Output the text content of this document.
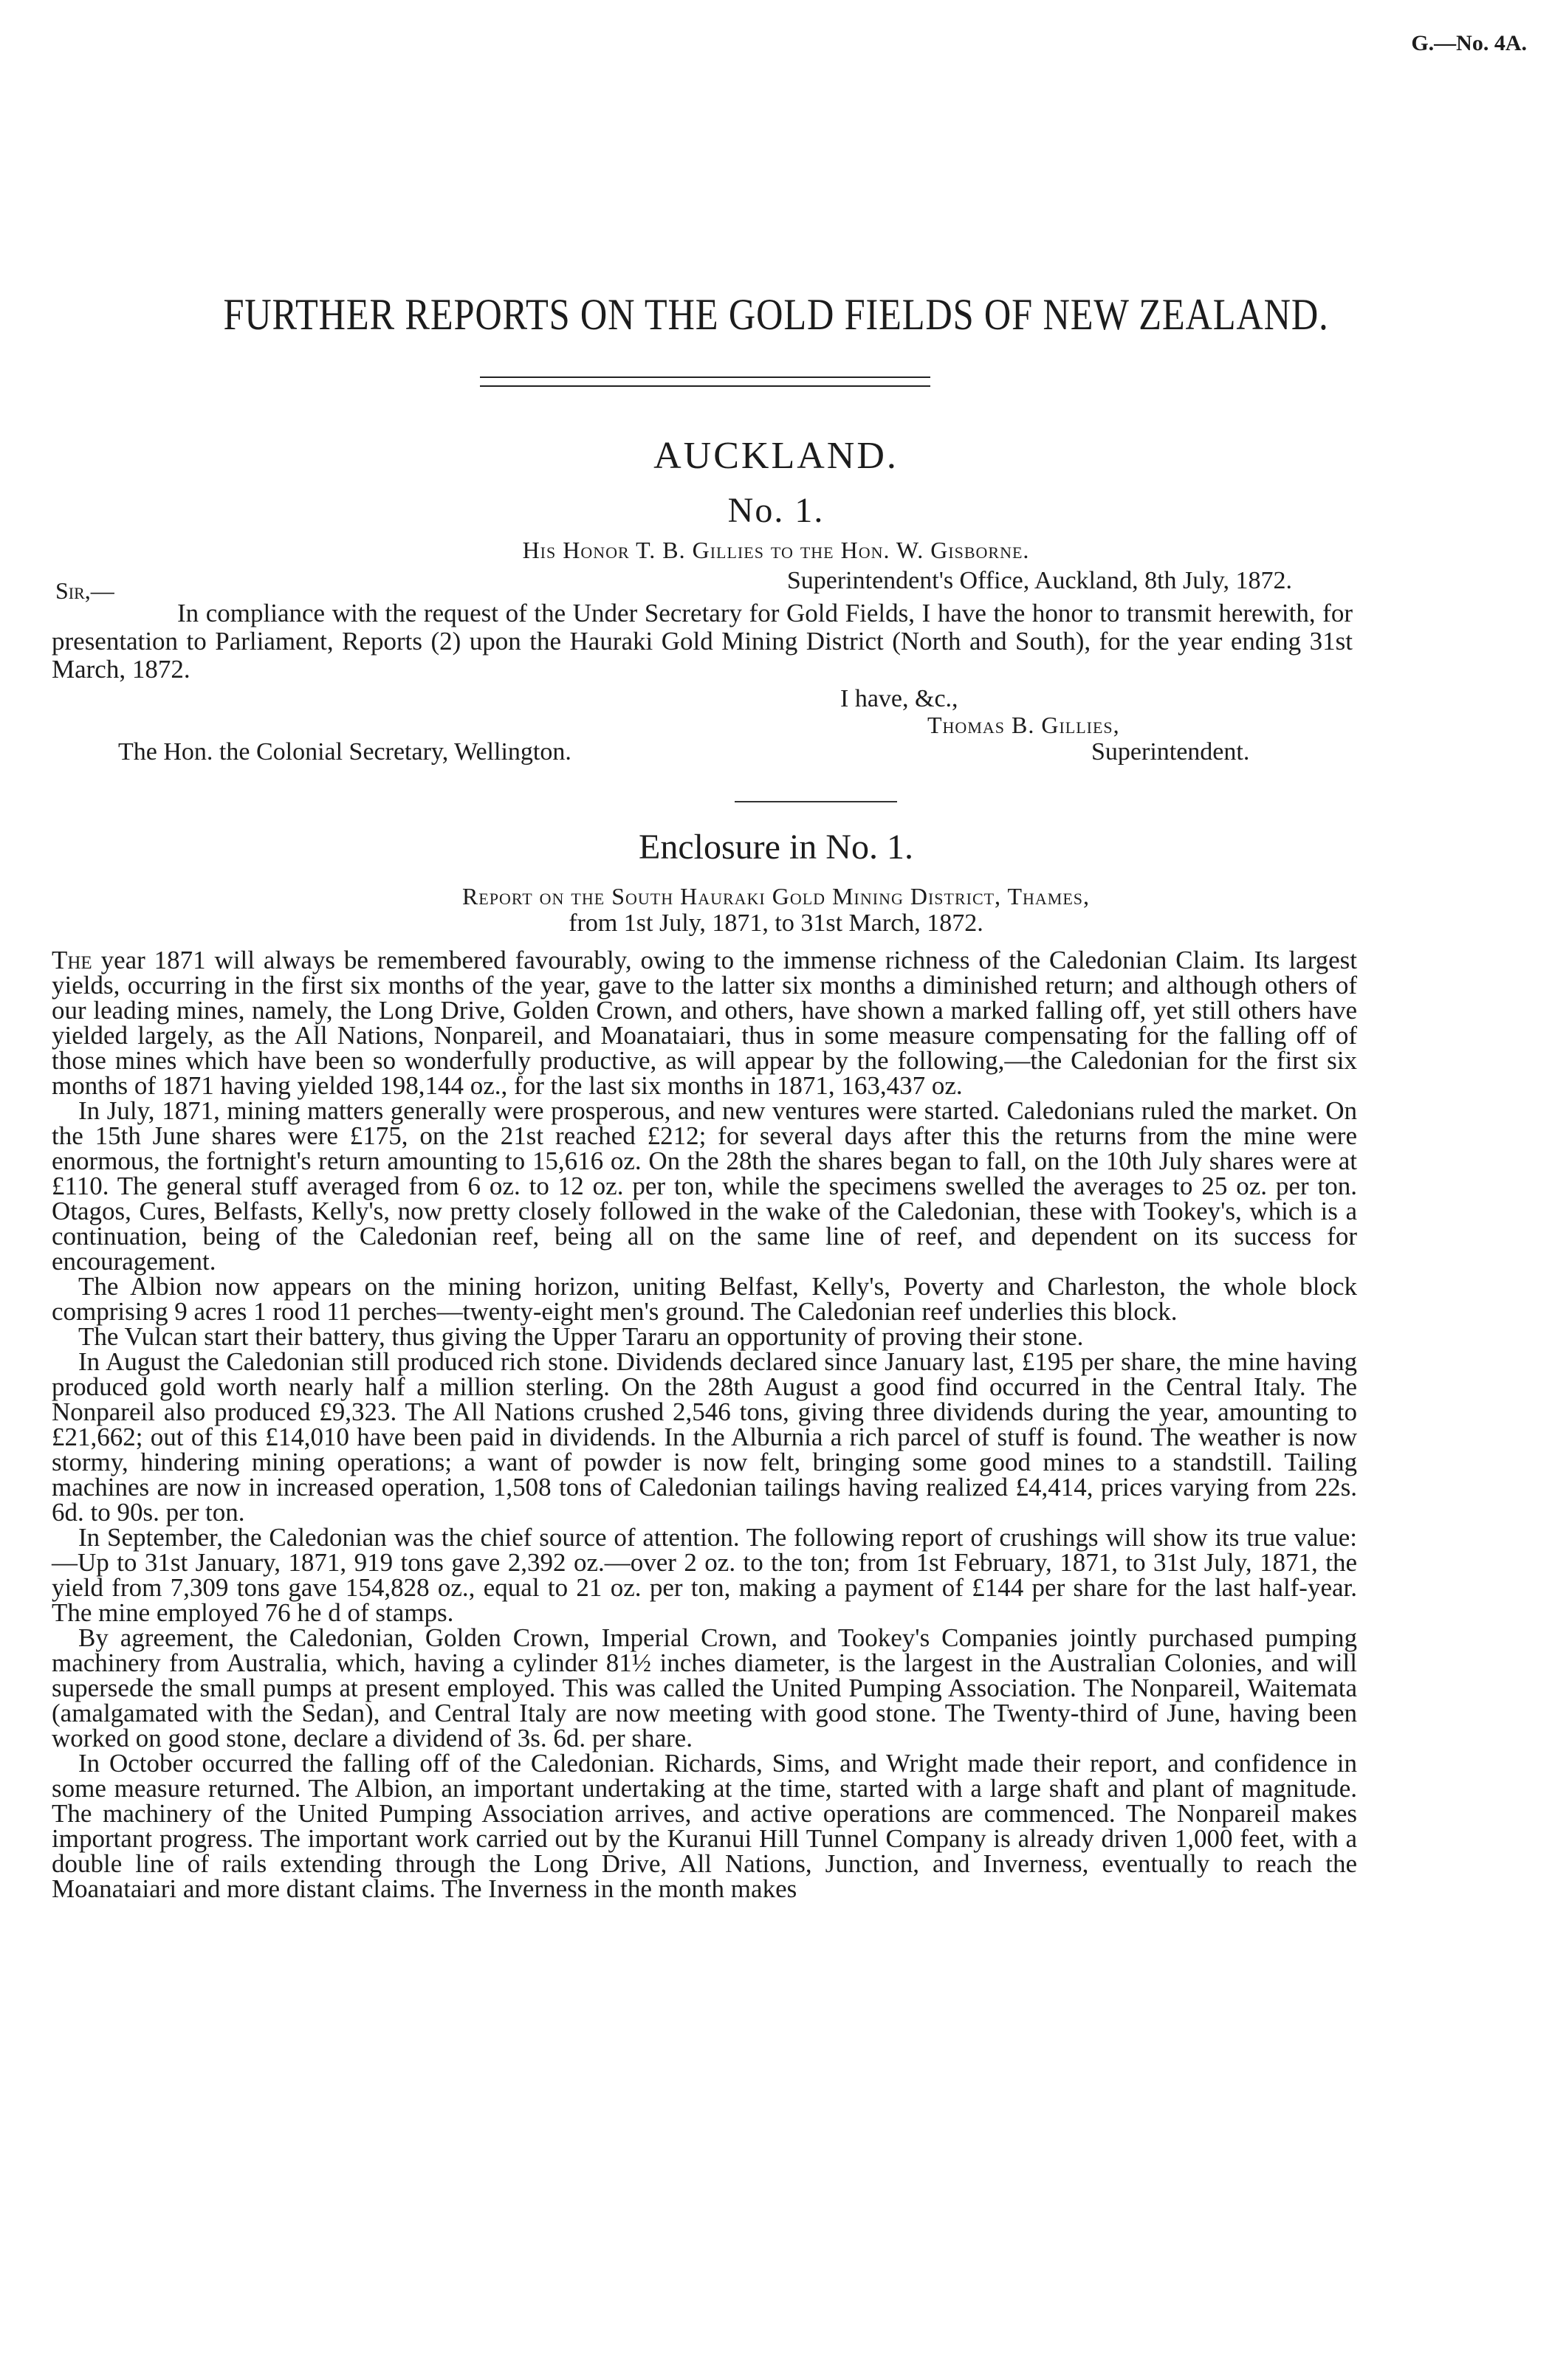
G.—No. 4A.
FURTHER REPORTS ON THE GOLD FIELDS OF NEW ZEALAND.
AUCKLAND.
No. 1.
His Honor T. B. Gillies to the Hon. W. Gisborne.
Sir,—	Superintendent's Office, Auckland, 8th July, 1872.

In compliance with the request of the Under Secretary for Gold Fields, I have the honor to transmit herewith, for presentation to Parliament, Reports (2) upon the Hauraki Gold Mining District (North and South), for the year ending 31st March, 1872.

I have, &c.,
Thomas B. Gillies,
The Hon. the Colonial Secretary, Wellington.	Superintendent.
Enclosure in No. 1.
Report on the South Hauraki Gold Mining District, Thames,
from 1st July, 1871, to 31st March, 1872.

The year 1871 will always be remembered favourably, owing to the immense richness of the Caledonian Claim. Its largest yields, occurring in the first six months of the year, gave to the latter six months a diminished return; and although others of our leading mines, namely, the Long Drive, Golden Crown, and others, have shown a marked falling off, yet still others have yielded largely, as the All Nations, Nonpareil, and Moanataiari, thus in some measure compensating for the falling off of those mines which have been so wonderfully productive, as will appear by the following,—the Caledonian for the first six months of 1871 having yielded 198,144 oz., for the last six months in 1871, 163,437 oz.

In July, 1871, mining matters generally were prosperous, and new ventures were started. Caledonians ruled the market. On the 15th June shares were £175, on the 21st reached £212; for several days after this the returns from the mine were enormous, the fortnight's return amounting to 15,616 oz. On the 28th the shares began to fall, on the 10th July shares were at £110. The general stuff averaged from 6 oz. to 12 oz. per ton, while the specimens swelled the averages to 25 oz. per ton. Otagos, Cures, Belfasts, Kelly's, now pretty closely followed in the wake of the Caledonian, these with Tookey's, which is a continuation, being of the Caledonian reef, being all on the same line of reef, and dependent on its success for encouragement.

The Albion now appears on the mining horizon, uniting Belfast, Kelly's, Poverty and Charleston, the whole block comprising 9 acres 1 rood 11 perches—twenty-eight men's ground. The Caledonian reef underlies this block.

The Vulcan start their battery, thus giving the Upper Tararu an opportunity of proving their stone.

In August the Caledonian still produced rich stone. Dividends declared since January last, £195 per share, the mine having produced gold worth nearly half a million sterling. On the 28th August a good find occurred in the Central Italy. The Nonpareil also produced £9,323. The All Nations crushed 2,546 tons, giving three dividends during the year, amounting to £21,662; out of this £14,010 have been paid in dividends. In the Alburnia a rich parcel of stuff is found. The weather is now stormy, hindering mining operations; a want of powder is now felt, bringing some good mines to a standstill. Tailing machines are now in increased operation, 1,508 tons of Caledonian tailings having realized £4,414, prices varying from 22s. 6d. to 90s. per ton.

In September, the Caledonian was the chief source of attention. The following report of crushings will show its true value:—Up to 31st January, 1871, 919 tons gave 2,392 oz.—over 2 oz. to the ton; from 1st February, 1871, to 31st July, 1871, the yield from 7,309 tons gave 154,828 oz., equal to 21 oz. per ton, making a payment of £144 per share for the last half-year. The mine employed 76 he d of stamps.

By agreement, the Caledonian, Golden Crown, Imperial Crown, and Tookey's Companies jointly purchased pumping machinery from Australia, which, having a cylinder 81½ inches diameter, is the largest in the Australian Colonies, and will supersede the small pumps at present employed. This was called the United Pumping Association. The Nonpareil, Waitemata (amalgamated with the Sedan), and Central Italy are now meeting with good stone. The Twenty-third of June, having been worked on good stone, declare a dividend of 3s. 6d. per share.

In October occurred the falling off of the Caledonian. Richards, Sims, and Wright made their report, and confidence in some measure returned. The Albion, an important undertaking at the time, started with a large shaft and plant of magnitude. The machinery of the United Pumping Association arrives, and active operations are commenced. The Nonpareil makes important progress. The important work carried out by the Kuranui Hill Tunnel Company is already driven 1,000 feet, with a double line of rails extending through the Long Drive, All Nations, Junction, and Inverness, eventually to reach the Moanataiari and more distant claims. The Inverness in the month makes
